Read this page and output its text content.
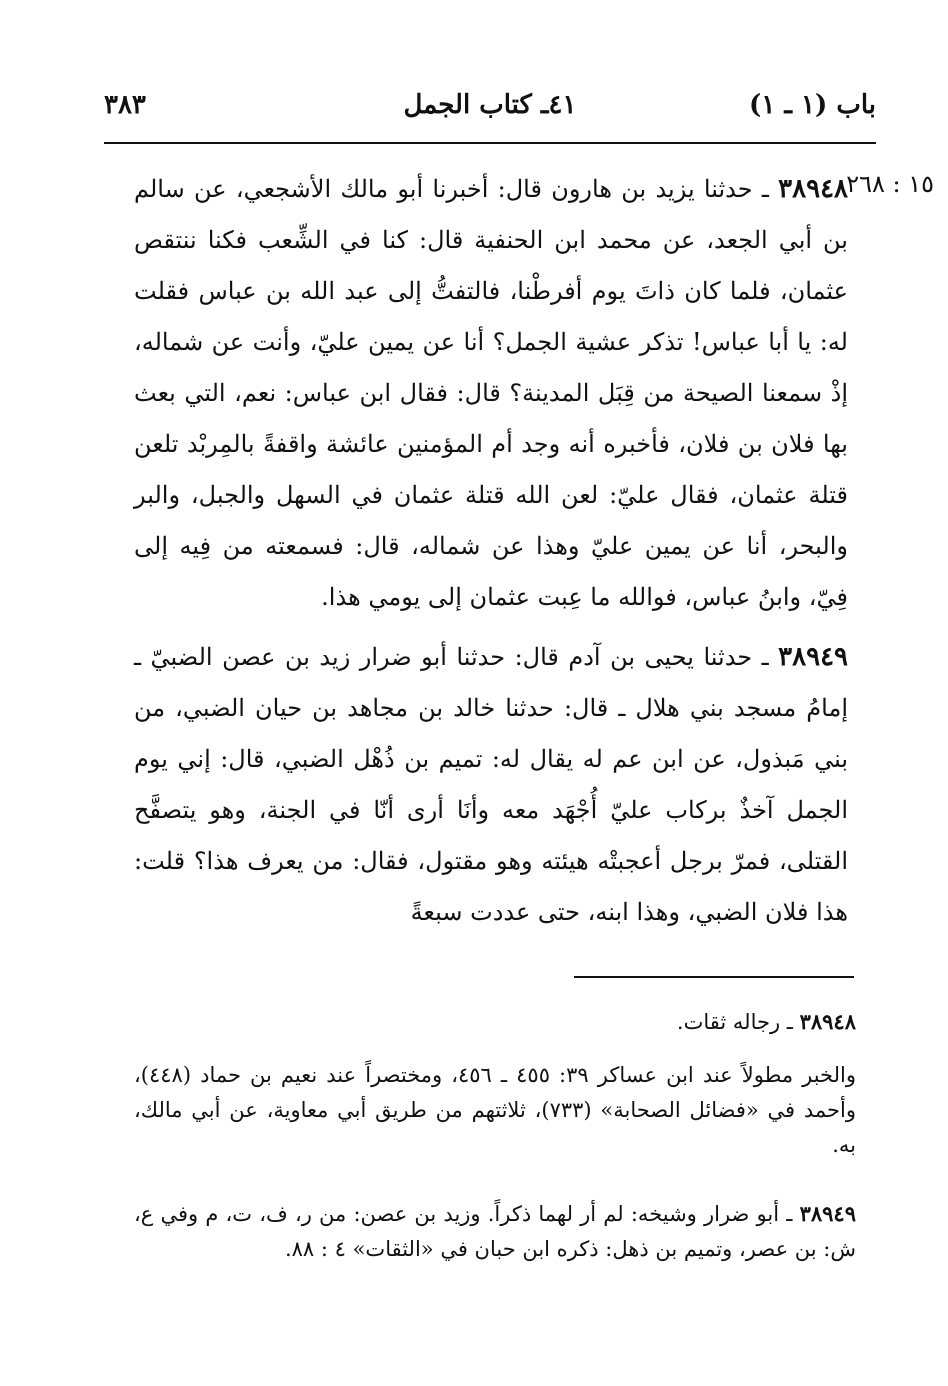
باب (١ ـ ١)
٤١ـ كتاب الجمل
٣٨٣
١٥ : ٢٦٨

٣٨٩٤٨ ـ حدثنا يزيد بن هارون قال: أخبرنا أبو مالك الأشجعي، عن سالم بن أبي الجعد، عن محمد ابن الحنفية قال: كنا في الشِّعب فكنا ننتقص عثمان، فلما كان ذاتَ يوم أفرطْنا، فالتفتُّ إلى عبد الله بن عباس فقلت له: يا أبا عباس! تذكر عشية الجمل؟ أنا عن يمين عليّ، وأنت عن شماله، إذْ سمعنا الصيحة من قِبَل المدينة؟ قال: فقال ابن عباس: نعم، التي بعث بها فلان بن فلان، فأخبره أنه وجد أم المؤمنين عائشة واقفةً بالمِربْد تلعن قتلة عثمان، فقال عليّ: لعن الله قتلة عثمان في السهل والجبل، والبر والبحر، أنا عن يمين عليّ وهذا عن شماله، قال: فسمعته من فِيه إلى فِيّ، وابنُ عباس، فوالله ما عِبت عثمان إلى يومي هذا.

٣٨٩٤٩ ـ حدثنا يحيى بن آدم قال: حدثنا أبو ضرار زيد بن عصن الضبيّ ـ إمامُ مسجد بني هلال ـ قال: حدثنا خالد بن مجاهد بن حيان الضبي، من بني مَبذول، عن ابن عم له يقال له: تميم بن ذُهْل الضبي، قال: إني يوم الجمل آخذٌ بركاب عليّ أُجْهَد معه وأنَا أرى أنّا في الجنة، وهو يتصفَّح القتلى، فمرّ برجل أعجبتْه هيئته وهو مقتول، فقال: من يعرف هذا؟ قلت: هذا فلان الضبي، وهذا ابنه، حتى عددت سبعةً

٣٨٩٤٨ ـ رجاله ثقات.

والخبر مطولاً عند ابن عساكر ٣٩: ٤٥٥ ـ ٤٥٦، ومختصراً عند نعيم بن حماد (٤٤٨)، وأحمد في «فضائل الصحابة» (٧٣٣)، ثلاثتهم من طريق أبي معاوية، عن أبي مالك، به.

٣٨٩٤٩ ـ أبو ضرار وشيخه: لم أر لهما ذكراً. وزيد بن عصن: من ر، ف، ت، م وفي ع، ش: بن عصر، وتميم بن ذهل: ذكره ابن حبان في «الثقات» ٤ : ٨٨.
